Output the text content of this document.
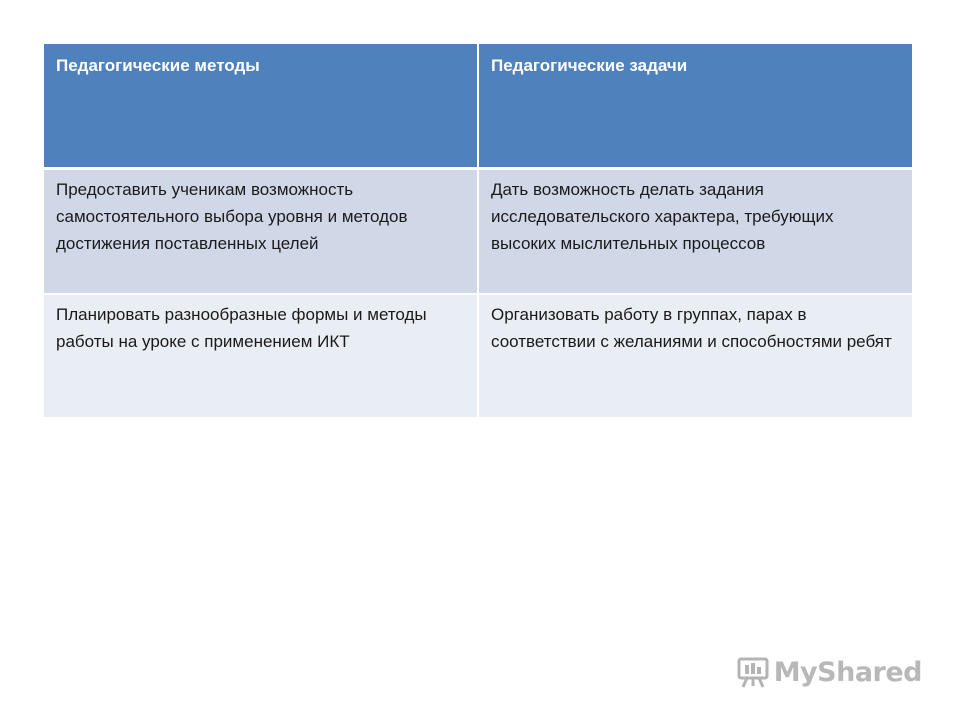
Педагогические методы	Педагогические задачи
Предоставить ученикам возможность самостоятельного выбора уровня и методов достижения поставленных целей	Дать возможность делать задания исследовательского характера, требующих высоких мыслительных процессов
Планировать разнообразные формы и методы работы на уроке с применением ИКТ	Организовать работу в группах, парах в соответствии с желаниями и способностями ребят
MyShared
